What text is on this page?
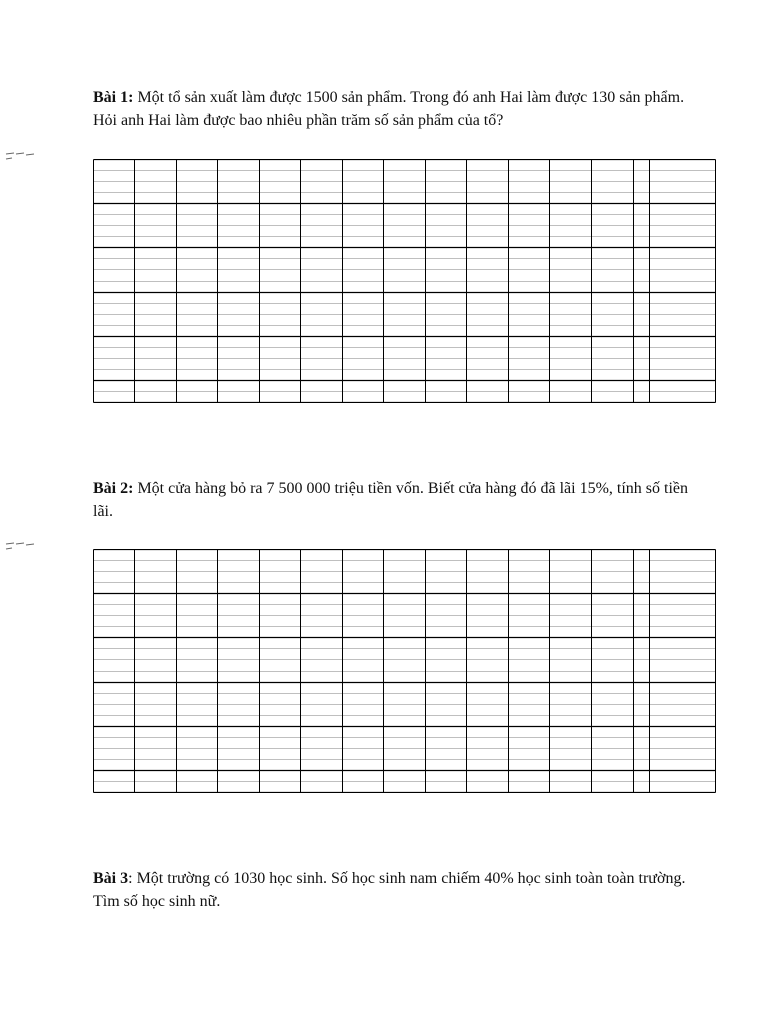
Bài 1: Một tổ sản xuất làm được 1500 sản phẩm. Trong đó anh Hai làm được 130 sản phẩm. Hỏi anh Hai làm được bao nhiêu phần trăm số sản phẩm của tổ?

Bài 2: Một cửa hàng bỏ ra 7 500 000 triệu tiền vốn. Biết cửa hàng đó đã lãi 15%, tính số tiền lãi.

Bài 3: Một trường có 1030 học sinh. Số học sinh nam chiếm 40% học sinh toàn toàn trường. Tìm số học sinh nữ.
